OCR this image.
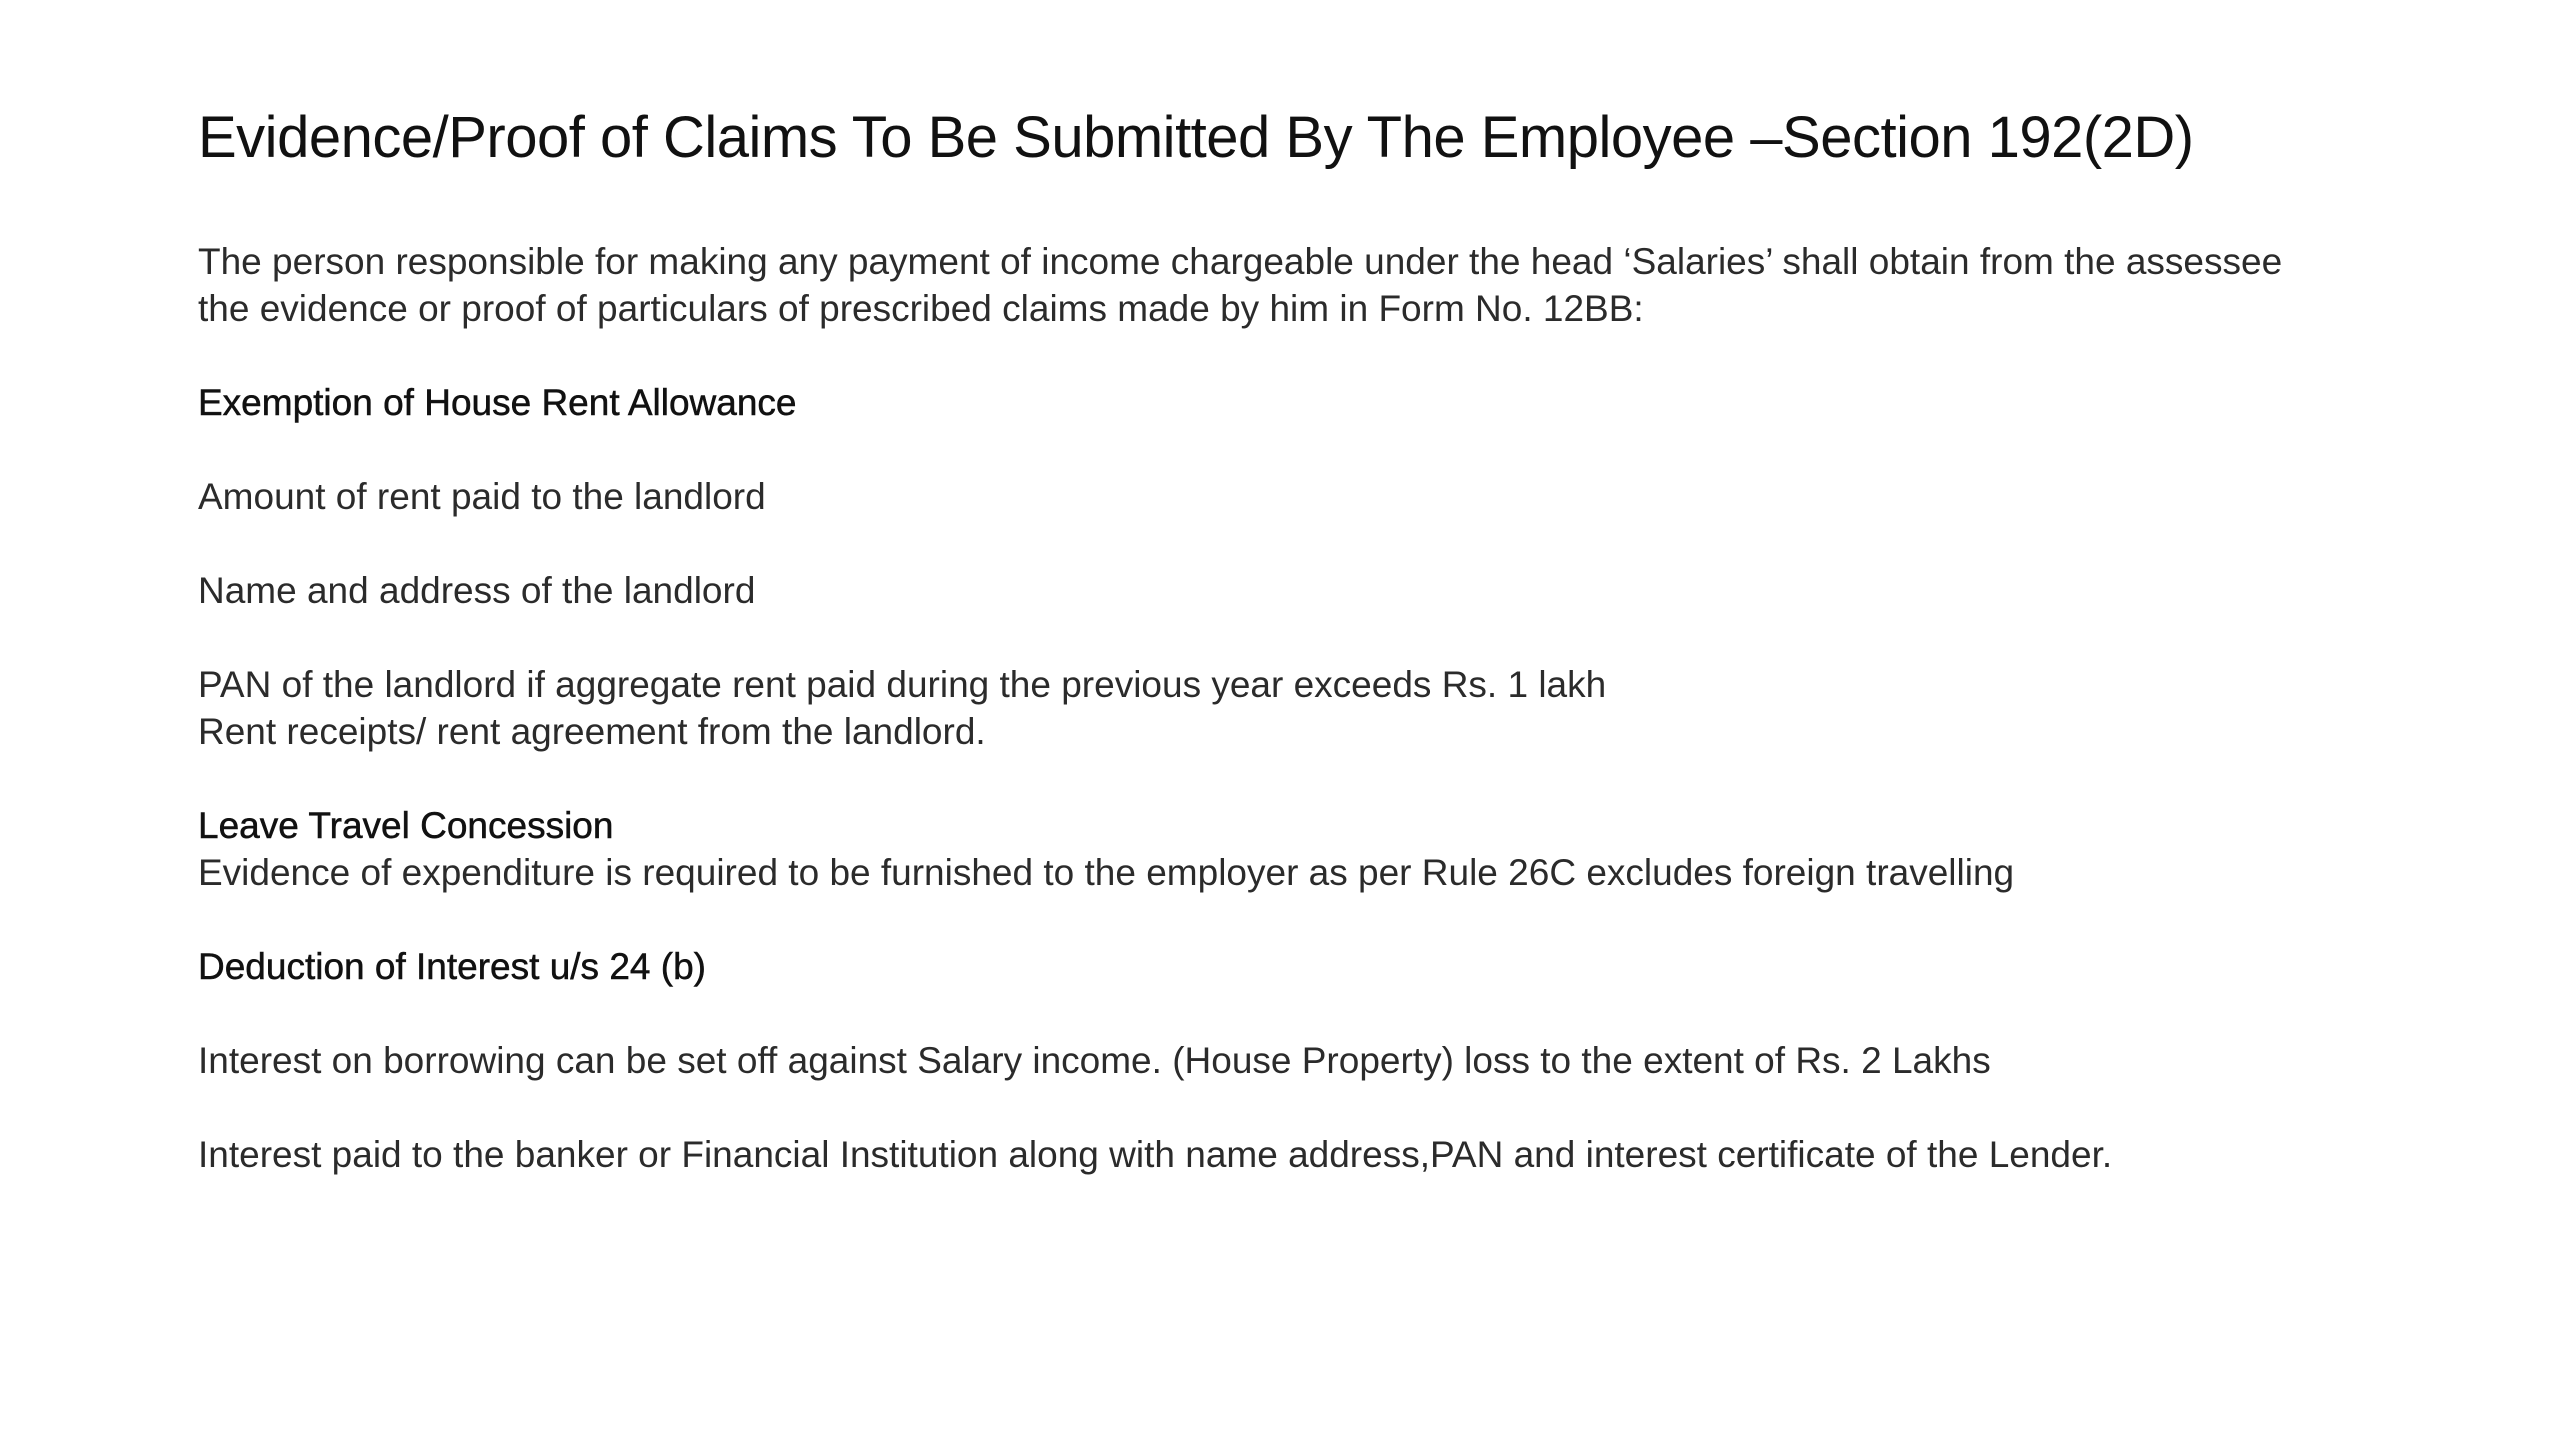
Evidence/Proof of Claims To Be Submitted By The Employee –Section 192(2D)
The person responsible for making any payment of income chargeable under the head ‘Salaries’ shall obtain from the assessee
the evidence or proof of particulars of prescribed claims made by him in Form No. 12BB:
Exemption of House Rent Allowance
Amount of rent paid to the landlord
Name and address of the landlord
PAN of the landlord if aggregate rent paid during the previous year exceeds Rs. 1 lakh
Rent receipts/ rent agreement from the landlord.
Leave Travel Concession
Evidence of expenditure is required to be furnished to the employer as per Rule 26C excludes foreign travelling
Deduction of Interest u/s 24 (b)
Interest on borrowing can be set off against Salary income. (House Property) loss to the extent of Rs. 2 Lakhs
Interest paid to the banker or Financial Institution along with name address,PAN and interest certificate of the Lender.
